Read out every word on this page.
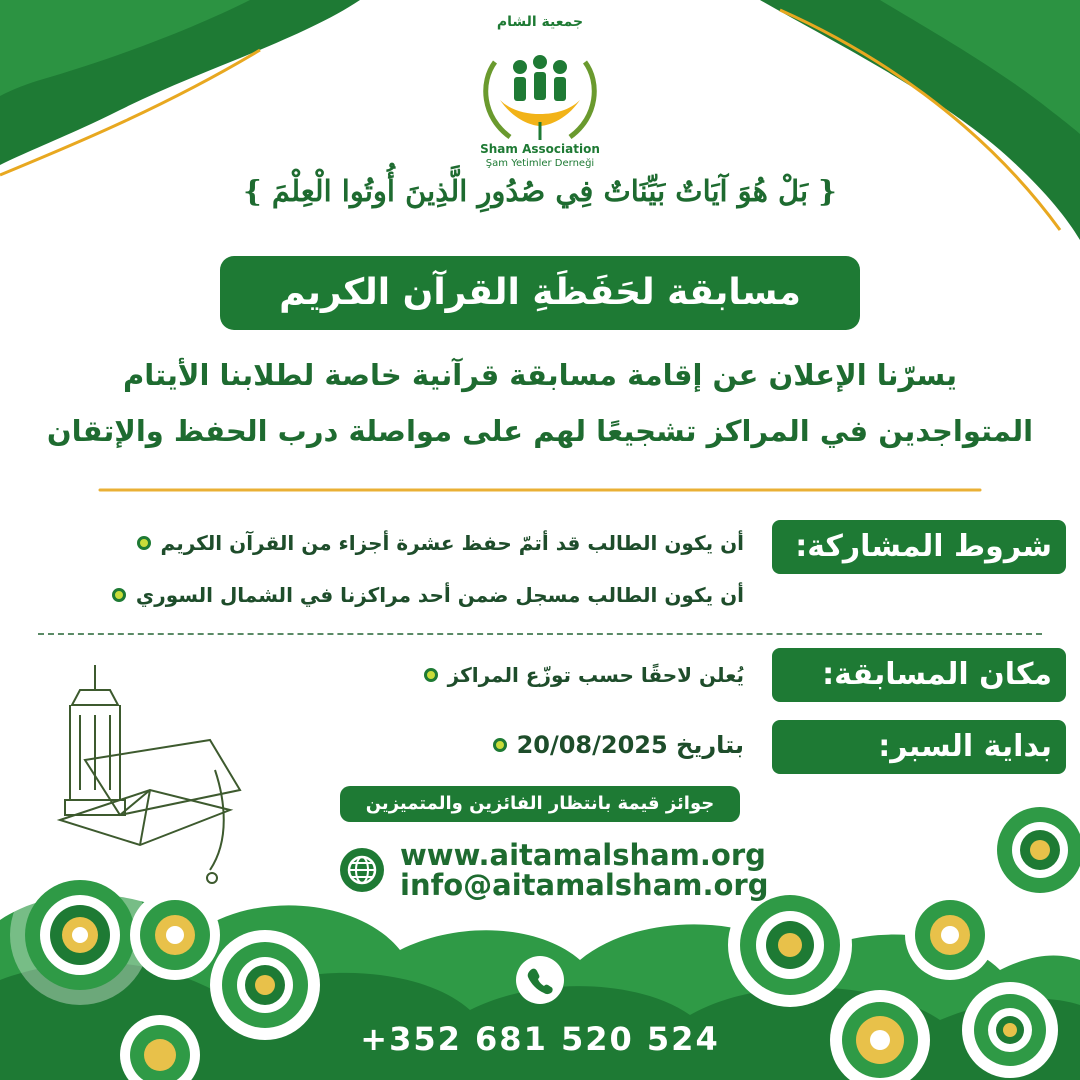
جمعية الشام
Sham Association
Şam Yetimler Derneği
{ بَلْ هُوَ آيَاتٌ بَيِّنَاتٌ فِي صُدُورِ الَّذِينَ أُوتُوا الْعِلْمَ }
مسابقة لحَفَظَةِ القرآن الكريم
يسرّنا الإعلان عن إقامة مسابقة قرآنية خاصة لطلابنا الأيتام
المتواجدين في المراكز تشجيعًا لهم على مواصلة درب الحفظ والإتقان
شروط المشاركة:
أن يكون الطالب قد أتمّ حفظ عشرة أجزاء من القرآن الكريم
أن يكون الطالب مسجل ضمن أحد مراكزنا في الشمال السوري
مكان المسابقة:
يُعلن لاحقًا حسب توزّع المراكز
بداية السبر:
بتاريخ 20/08/2025
جوائز قيمة بانتظار الفائزين والمتميزين
www.aitamalsham.org
info@aitamalsham.org
+352 681 520 524
